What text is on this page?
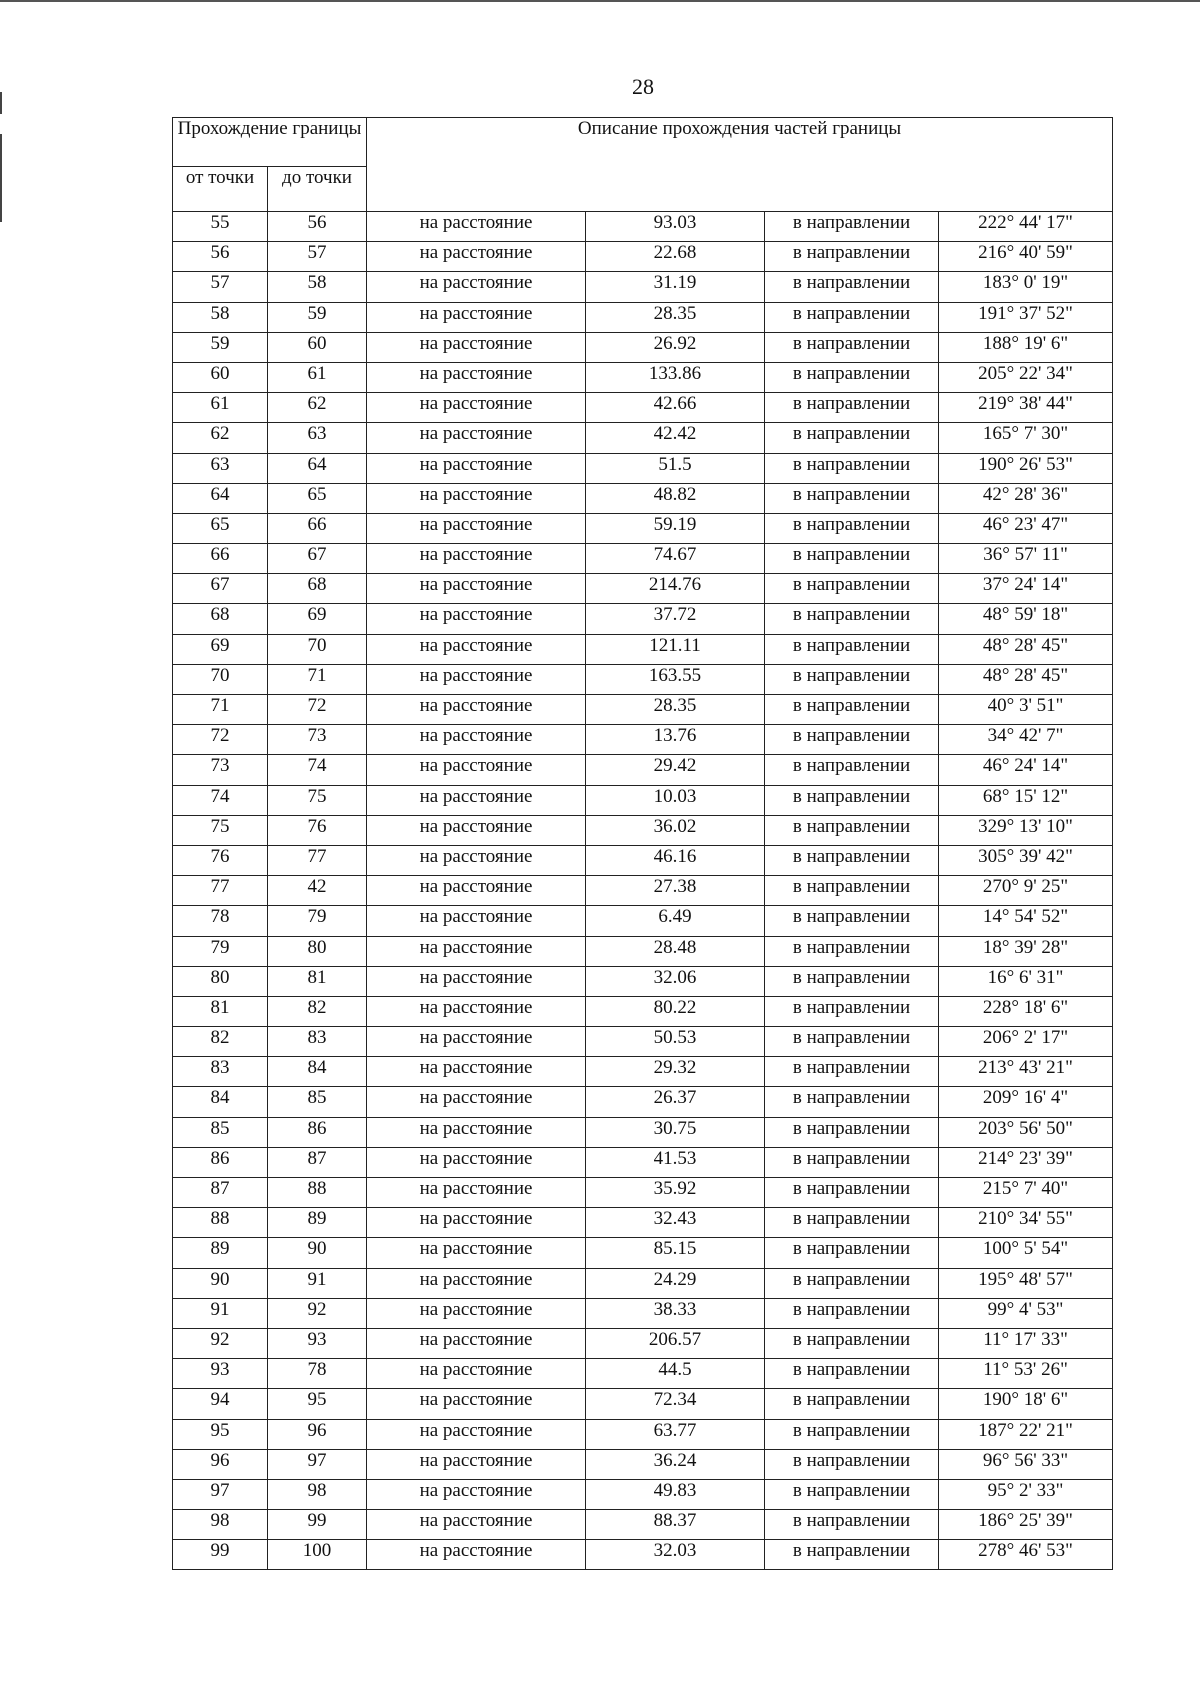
28
Прохождение границы		Описание прохождения частей границы			
от точки	до точки				
55	56	на расстояние	93.03	в направлении	222° 44' 17"
56	57	на расстояние	22.68	в направлении	216° 40' 59"
57	58	на расстояние	31.19	в направлении	183° 0' 19"
58	59	на расстояние	28.35	в направлении	191° 37' 52"
59	60	на расстояние	26.92	в направлении	188° 19' 6"
60	61	на расстояние	133.86	в направлении	205° 22' 34"
61	62	на расстояние	42.66	в направлении	219° 38' 44"
62	63	на расстояние	42.42	в направлении	165° 7' 30"
63	64	на расстояние	51.5	в направлении	190° 26' 53"
64	65	на расстояние	48.82	в направлении	42° 28' 36"
65	66	на расстояние	59.19	в направлении	46° 23' 47"
66	67	на расстояние	74.67	в направлении	36° 57' 11"
67	68	на расстояние	214.76	в направлении	37° 24' 14"
68	69	на расстояние	37.72	в направлении	48° 59' 18"
69	70	на расстояние	121.11	в направлении	48° 28' 45"
70	71	на расстояние	163.55	в направлении	48° 28' 45"
71	72	на расстояние	28.35	в направлении	40° 3' 51"
72	73	на расстояние	13.76	в направлении	34° 42' 7"
73	74	на расстояние	29.42	в направлении	46° 24' 14"
74	75	на расстояние	10.03	в направлении	68° 15' 12"
75	76	на расстояние	36.02	в направлении	329° 13' 10"
76	77	на расстояние	46.16	в направлении	305° 39' 42"
77	42	на расстояние	27.38	в направлении	270° 9' 25"
78	79	на расстояние	6.49	в направлении	14° 54' 52"
79	80	на расстояние	28.48	в направлении	18° 39' 28"
80	81	на расстояние	32.06	в направлении	16° 6' 31"
81	82	на расстояние	80.22	в направлении	228° 18' 6"
82	83	на расстояние	50.53	в направлении	206° 2' 17"
83	84	на расстояние	29.32	в направлении	213° 43' 21"
84	85	на расстояние	26.37	в направлении	209° 16' 4"
85	86	на расстояние	30.75	в направлении	203° 56' 50"
86	87	на расстояние	41.53	в направлении	214° 23' 39"
87	88	на расстояние	35.92	в направлении	215° 7' 40"
88	89	на расстояние	32.43	в направлении	210° 34' 55"
89	90	на расстояние	85.15	в направлении	100° 5' 54"
90	91	на расстояние	24.29	в направлении	195° 48' 57"
91	92	на расстояние	38.33	в направлении	99° 4' 53"
92	93	на расстояние	206.57	в направлении	11° 17' 33"
93	78	на расстояние	44.5	в направлении	11° 53' 26"
94	95	на расстояние	72.34	в направлении	190° 18' 6"
95	96	на расстояние	63.77	в направлении	187° 22' 21"
96	97	на расстояние	36.24	в направлении	96° 56' 33"
97	98	на расстояние	49.83	в направлении	95° 2' 33"
98	99	на расстояние	88.37	в направлении	186° 25' 39"
99	100	на расстояние	32.03	в направлении	278° 46' 53"
